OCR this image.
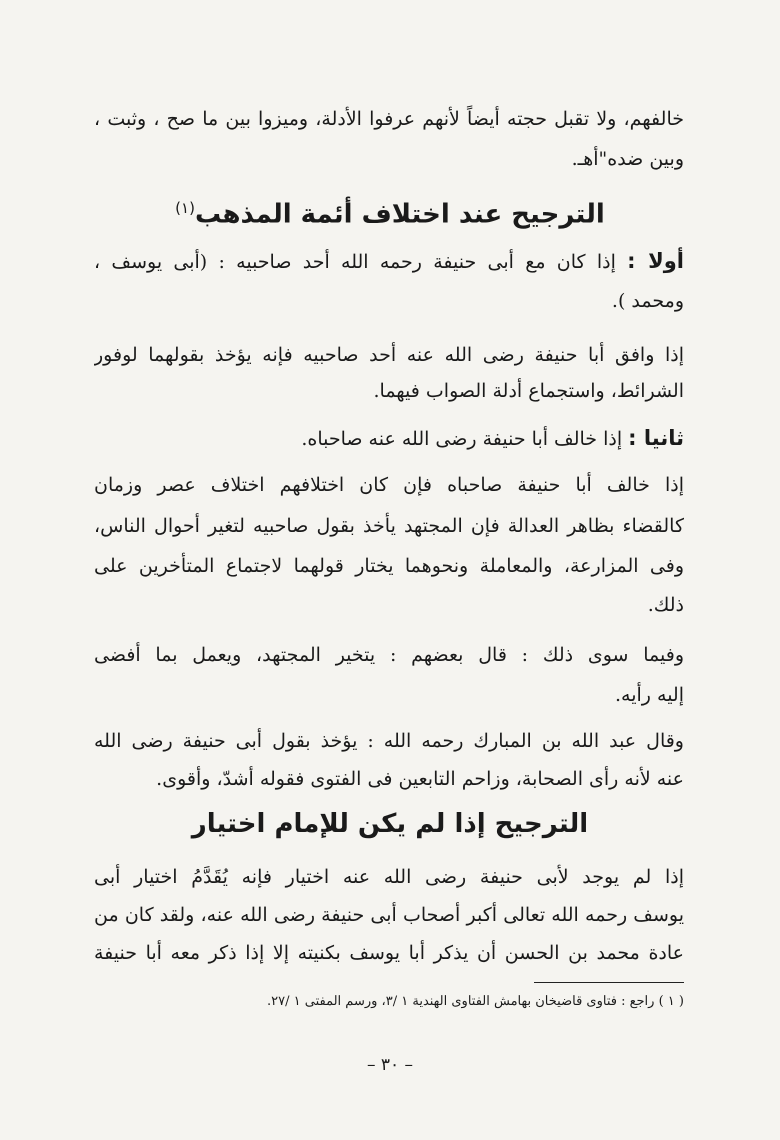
خالفهم، ولا تقبل حجته أيضاً لأنهم عرفوا الأدلة، وميزوا بين ما صح ، وثبت ،
وبين ضده"أهـ.
الترجيح عند اختلاف أئمة المذهب$^{(١)}$
أولا : إذا كان مع أبى حنيفة رحمه الله أحد صاحبيه : (أبى يوسف ،
ومحمد ).
إذا وافق أبا حنيفة رضى الله عنه أحد صاحبيه فإنه يؤخذ بقولهما لوفور
الشرائط، واستجماع أدلة الصواب فيهما.
ثانيا : إذا خالف أبا حنيفة رضى الله عنه صاحباه.
إذا خالف أبا حنيفة صاحباه فإن كان اختلافهم اختلاف عصر وزمان
كالقضاء بظاهر العدالة فإن المجتهد يأخذ بقول صاحبيه لتغير أحوال الناس،
وفى المزارعة، والمعاملة ونحوهما يختار قولهما لاجتماع المتأخرين على
ذلك.
وفيما سوى ذلك : قال بعضهم : يتخير المجتهد، ويعمل بما أفضى
إليه رأيه.
وقال عبد الله بن المبارك رحمه الله : يؤخذ بقول أبى حنيفة رضى الله
عنه لأنه رأى الصحابة، وزاحم التابعين فى الفتوى فقوله أشدّ، وأقوى.
الترجيح إذا لم يكن للإمام اختيار
إذا لم يوجد لأبى حنيفة رضى الله عنه اختيار فإنه يُقَدَّمُ اختيار أبى
يوسف رحمه الله تعالى أكبر أصحاب أبى حنيفة رضى الله عنه، ولقد كان من
عادة محمد بن الحسن أن يذكر أبا يوسف بكنيته إلا إذا ذكر معه أبا حنيفة
( ١ ) راجع : فتاوى قاضيخان بهامش الفتاوى الهندية ١ /٣، ورسم المفتى ١ /٢٧.
– ٣٠ –
